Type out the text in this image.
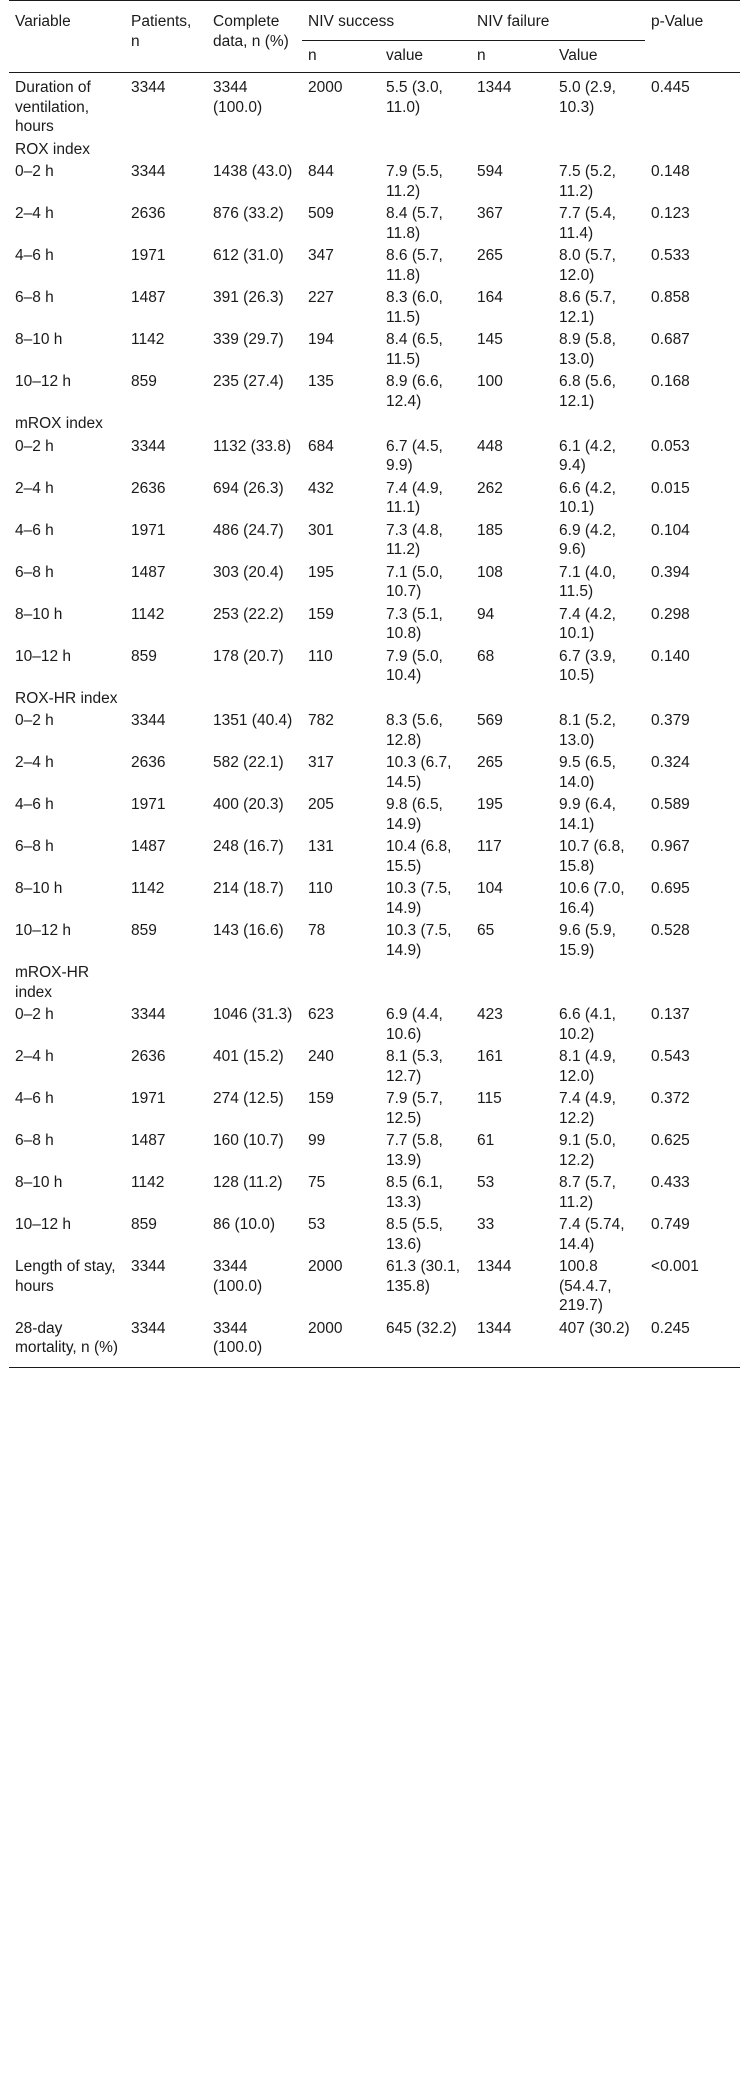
Variable	Patients, n	Complete data, n (%)	NIV success		NIV failure		p-Value
			n	value	n	Value	
Duration of ventilation, hours	3344	3344 (100.0)	2000	5.5 (3.0, 11.0)	1344	5.0 (2.9, 10.3)	0.445
ROX index							
0–2 h	3344	1438 (43.0)	844	7.9 (5.5, 11.2)	594	7.5 (5.2, 11.2)	0.148
2–4 h	2636	876 (33.2)	509	8.4 (5.7, 11.8)	367	7.7 (5.4, 11.4)	0.123
4–6 h	1971	612 (31.0)	347	8.6 (5.7, 11.8)	265	8.0 (5.7, 12.0)	0.533
6–8 h	1487	391 (26.3)	227	8.3 (6.0, 11.5)	164	8.6 (5.7, 12.1)	0.858
8–10 h	1142	339 (29.7)	194	8.4 (6.5, 11.5)	145	8.9 (5.8, 13.0)	0.687
10–12 h	859	235 (27.4)	135	8.9 (6.6, 12.4)	100	6.8 (5.6, 12.1)	0.168
mROX index							
0–2 h	3344	1132 (33.8)	684	6.7 (4.5, 9.9)	448	6.1 (4.2, 9.4)	0.053
2–4 h	2636	694 (26.3)	432	7.4 (4.9, 11.1)	262	6.6 (4.2, 10.1)	0.015
4–6 h	1971	486 (24.7)	301	7.3 (4.8, 11.2)	185	6.9 (4.2, 9.6)	0.104
6–8 h	1487	303 (20.4)	195	7.1 (5.0, 10.7)	108	7.1 (4.0, 11.5)	0.394
8–10 h	1142	253 (22.2)	159	7.3 (5.1, 10.8)	94	7.4 (4.2, 10.1)	0.298
10–12 h	859	178 (20.7)	110	7.9 (5.0, 10.4)	68	6.7 (3.9, 10.5)	0.140
ROX-HR index							
0–2 h	3344	1351 (40.4)	782	8.3 (5.6, 12.8)	569	8.1 (5.2, 13.0)	0.379
2–4 h	2636	582 (22.1)	317	10.3 (6.7, 14.5)	265	9.5 (6.5, 14.0)	0.324
4–6 h	1971	400 (20.3)	205	9.8 (6.5, 14.9)	195	9.9 (6.4, 14.1)	0.589
6–8 h	1487	248 (16.7)	131	10.4 (6.8, 15.5)	117	10.7 (6.8, 15.8)	0.967
8–10 h	1142	214 (18.7)	110	10.3 (7.5, 14.9)	104	10.6 (7.0, 16.4)	0.695
10–12 h	859	143 (16.6)	78	10.3 (7.5, 14.9)	65	9.6 (5.9, 15.9)	0.528
mROX-HR index							
0–2 h	3344	1046 (31.3)	623	6.9 (4.4, 10.6)	423	6.6 (4.1, 10.2)	0.137
2–4 h	2636	401 (15.2)	240	8.1 (5.3, 12.7)	161	8.1 (4.9, 12.0)	0.543
4–6 h	1971	274 (12.5)	159	7.9 (5.7, 12.5)	115	7.4 (4.9, 12.2)	0.372
6–8 h	1487	160 (10.7)	99	7.7 (5.8, 13.9)	61	9.1 (5.0, 12.2)	0.625
8–10 h	1142	128 (11.2)	75	8.5 (6.1, 13.3)	53	8.7 (5.7, 11.2)	0.433
10–12 h	859	86 (10.0)	53	8.5 (5.5, 13.6)	33	7.4 (5.74, 14.4)	0.749
Length of stay, hours	3344	3344 (100.0)	2000	61.3 (30.1, 135.8)	1344	100.8 (54.4.7, 219.7)	<0.001
28-day mortality, n (%)	3344	3344 (100.0)	2000	645 (32.2)	1344	407 (30.2)	0.245
